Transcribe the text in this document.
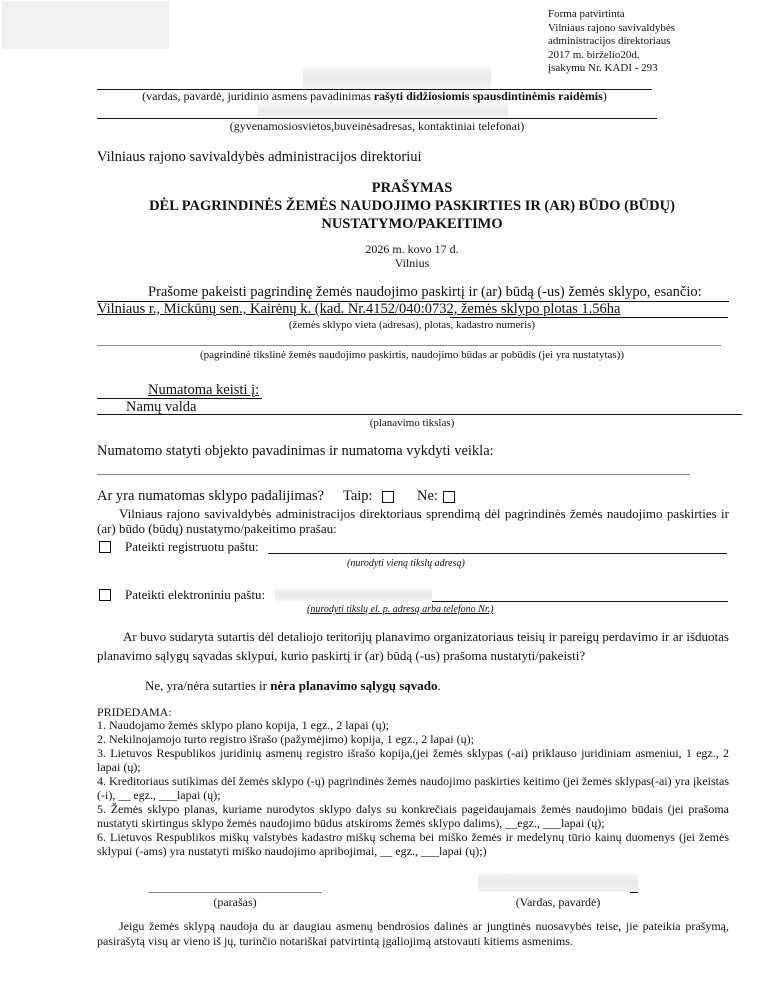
Forma patvirtinta
Vilniaus rajono savivaldybės
administracijos direktoriaus
2017 m. birželio20d.
įsakymu Nr. KADI - 293
(vardas, pavardė, juridinio asmens pavadinimas rašyti didžiosiomis spausdintinėmis raidėmis)
(gyvenamosiosvietos,buveinėsadresas, kontaktiniai telefonai)
Vilniaus rajono savivaldybės administracijos direktoriui
PRAŠYMAS
DĖL PAGRINDINĖS ŽEMĖS NAUDOJIMO PASKIRTIES IR (AR) BŪDO (BŪDŲ)
NUSTATYMO/PAKEITIMO
2026 m. kovo 17 d.
Vilnius
Prašome pakeisti pagrindinę žemės naudojimo paskirtį ir (ar) būdą (-us) žemės sklypo, esančio:
Vilniaus r., Mickūnų sen., Kairėnų k. (kad. Nr.4152/040:0732, žemės sklypo plotas 1.56ha
(žemės sklypo vieta (adresas), plotas, kadastro numeris)
(pagrindinė tikslinė žemės naudojimo paskirtis, naudojimo būdas ar pobūdis (jei yra nustatytas))
Numatoma keisti į:
Namų valda
(planavimo tikslas)
Numatomo statyti objekto pavadinimas ir numatoma vykdyti veikla:
Ar yra numatomas sklypo padalijimas? Taip:	Ne:
Vilniaus rajono savivaldybės administracijos direktoriaus sprendimą dėl pagrindinės žemės naudojimo paskirties ir (ar) būdo (būdų) nustatymo/pakeitimo prašau:
Pateikti registruotu paštu:
(nurodyti vieną tikslų adresą)
Pateikti elektroniniu paštu:
(nurodyti tikslų el. p. adresą arba telefono Nr.)
Ar buvo sudaryta sutartis dėl detaliojo teritorijų planavimo organizatoriaus teisių ir pareigų perdavimo ir ar išduotas planavimo sąlygų sąvadas sklypui, kurio paskirtį ir (ar) būdą (-us) prašoma nustatyti/pakeisti?
Ne, yra/nėra sutarties ir nėra planavimo sąlygų sąvado.
PRIDEDAMA:
1. Naudojamo žemės sklypo plano kopija, 1 egz., 2 lapai (ų);
2. Nekilnojamojo turto registro išrašo (pažymėjimo) kopija, 1 egz., 2 lapai (ų);
3. Lietuvos Respublikos juridinių asmenų registro išrašo kopija,(jei žemės sklypas (-ai) priklauso juridiniam asmeniui, 1 egz., 2 lapai (ų);
4. Kreditoriaus sutikimas dėl žemės sklypo (-ų) pagrindinės žemės naudojimo paskirties keitimo (jei žemės sklypas(-ai) yra įkeistas (-i), __ egz., ___lapai (ų);
5. Žemės sklypo planas, kuriame nurodytos sklypo dalys su konkrečiais pageidaujamais žemės naudojimo būdais (jei prašoma nustatyti skirtingus sklypo žemės naudojimo būdus atskiroms žemės sklypo dalims), __egz., ___lapai (ų);
6. Lietuvos Respublikos miškų valstybės kadastro miškų schema bei miško žemės ir medelynų tūrio kainų duomenys (jei žemės sklypui (-ams) yra nustatyti miško naudojimo apribojimai, __ egz., ___lapai (ų);)
(parašas)	(Vardas, pavardė)
Jeigu žemės sklypą naudoja du ar daugiau asmenų bendrosios dalinės ar jungtinės nuosavybės teise, jie pateikia prašymą, pasirašytą visų ar vieno iš jų, turinčio notariškai patvirtintą įgaliojimą atstovauti kitiems asmenims.
